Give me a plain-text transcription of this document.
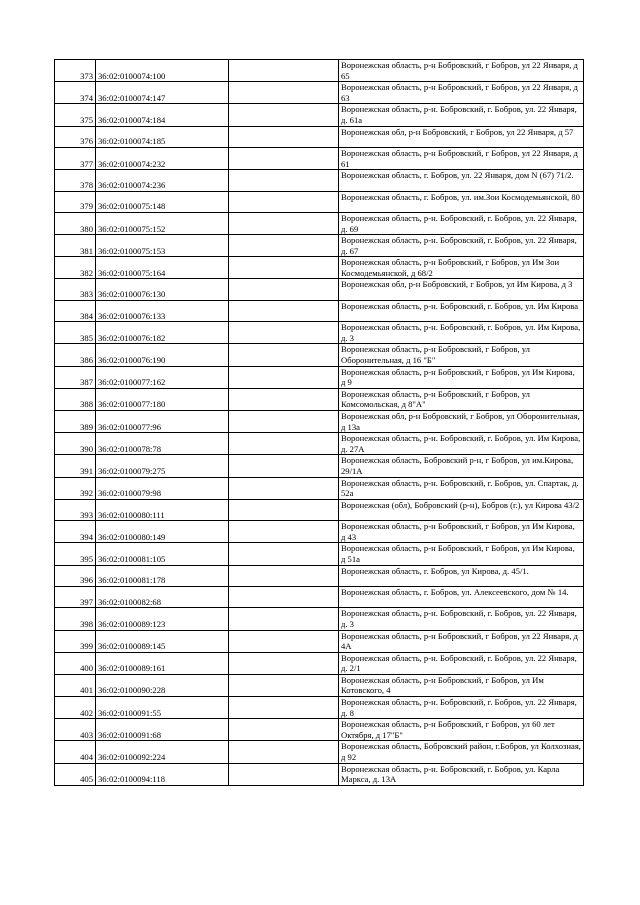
373	36:02:0100074:100		Воронежская область, р-н Бобровский, г Бобров, ул 22 Января, д 65
374	36:02:0100074:147		Воронежская область, р-н Бобровский, г Бобров, ул 22 Января, д 63
375	36:02:0100074:184		Воронежская область, р-н. Бобровский, г. Бобров, ул. 22 Января, д. 61а
376	36:02:0100074:185		Воронежская обл, р-н Бобровский, г Бобров, ул 22 Января, д 57
377	36:02:0100074:232		Воронежская область, р-н Бобровский, г Бобров, ул 22 Января, д 61
378	36:02:0100074:236		Воронежская область, г. Бобров, ул. 22 Января, дом N (67) 71/2.
379	36:02:0100075:148		Воронежская область, г. Бобров, ул. им.Зои Космодемьянской, 80
380	36:02:0100075:152		Воронежская область, р-н. Бобровский, г. Бобров, ул. 22 Января, д. 69
381	36:02:0100075:153		Воронежская область, р-н. Бобровский, г. Бобров, ул. 22 Января, д. 67
382	36:02:0100075:164		Воронежская область, р-н Бобровский, г Бобров, ул Им Зои Космодемьянской, д 68/2
383	36:02:0100076:130		Воронежская обл, р-н Бобровский, г Бобров, ул Им Кирова, д 3
384	36:02:0100076:133		Воронежская область, р-н. Бобровский, г. Бобров, ул. Им Кирова
385	36:02:0100076:182		Воронежская область, р-н. Бобровский, г. Бобров, ул. Им Кирова, д. 3
386	36:02:0100076:190		Воронежская область, р-н Бобровский, г Бобров, ул Оборонительная, д 16 "Б"
387	36:02:0100077:162		Воронежская область, р-н Бобровский, г Бобров, ул Им Кирова, д 9
388	36:02:0100077:180		Воронежская область, р-н Бобровский, г Бобров, ул Комсомольская, д 8"А"
389	36:02:0100077:96		Воронежская обл, р-н Бобровский, г Бобров, ул Оборонительная, д 13а
390	36:02:0100078:78		Воронежская область, р-н. Бобровский, г. Бобров, ул. Им Кирова, д. 27А
391	36:02:0100079:275		Воронежская область, Бобровский р-н, г Бобров, ул им.Кирова, 29/1А
392	36:02:0100079:98		Воронежская область, р-н. Бобровский, г. Бобров, ул. Спартак, д. 52а
393	36:02:0100080:111		Воронежская (обл), Бобровский (р-н), Бобров (г.), ул Кирова 43/2
394	36:02:0100080:149		Воронежская область, р-н Бобровский, г Бобров, ул Им Кирова, д 43
395	36:02:0100081:105		Воронежская область, р-н Бобровский, г Бобров, ул Им Кирова, д 51а
396	36:02:0100081:178		Воронежская область, г. Бобров, ул Кирова, д. 45/1.
397	36:02:0100082:68		Воронежская область, г. Бобров, ул. Алексеевского, дом № 14.
398	36:02:0100089:123		Воронежская область, р-н. Бобровский, г. Бобров, ул. 22 Января, д. 3
399	36:02:0100089:145		Воронежская область, р-н Бобровский, г Бобров, ул 22 Января, д 4А
400	36:02:0100089:161		Воронежская область, р-н. Бобровский, г. Бобров, ул. 22 Января, д. 2/1
401	36:02:0100090:228		Воронежская область, р-н Бобровский, г Бобров, ул Им Котовского, 4
402	36:02:0100091:55		Воронежская область, р-н. Бобровский, г. Бобров, ул. 22 Января, д. 8
403	36:02:0100091:68		Воронежская область, р-н Бобровский, г Бобров, ул 60 лет Октября, д 17"Б"
404	36:02:0100092:224		Воронежская область, Бобровский район, г.Бобров, ул Колхозная, д 92
405	36:02:0100094:118		Воронежская область, р-н. Бобровский, г. Бобров, ул. Карла Маркса, д. 13А
